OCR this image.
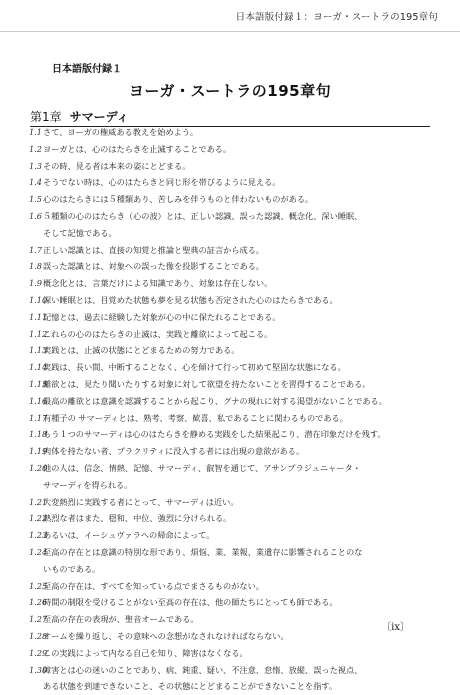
日本語版付録１：ヨーガ・スートラの195章句
日本語版付録１
ヨーガ・スートラの195章句
第1章 サマーディ
1.1 さて、ヨーガの権威ある教えを始めよう。
1.2 ヨーガとは、心のはたらきを止滅することである。
1.3 その時、見る者は本来の姿にとどまる。
1.4 そうでない時は、心のはたらきと同じ形を帯びるように見える。
1.5 心のはたらきには５種類あり、苦しみを伴うものと伴わないものがある。
1.6 ５種類の心のはたらき（心の波）とは、正しい認識、誤った認識、概念化、深い睡眠、
そして記憶である。
1.7 正しい認識とは、直接の知覚と推論と聖典の証言から成る。
1.8 誤った認識とは、対象への誤った像を投影することである。
1.9 概念化とは、言葉だけによる知識であり、対象は存在しない。
1.10
深い睡眠とは、目覚めた状態も夢を見る状態も否定された心のはたらきである。
1.11
記憶とは、過去に経験した対象が心の中に保たれることである。
1.12
これらの心のはたらきの止滅は、実践と離欲によって起こる。
1.13
実践とは、止滅の状態にとどまるための努力である。
1.14
実践は、長い間、中断することなく、心を傾けて行って初めて堅固な状態になる。
1.15
離欲とは、見たり聞いたりする対象に対して欲望を持たないことを習得することである。
1.16
最高の離欲とは意識を認識することから起こり、グナの現れに対する渇望がないことである。
1.17
有種子の サマーディとは、熟考、考察、歓喜、私であることに関わるものである。
1.18
もう１つのサマーディは心のはたらきを静める実践をした結果起こり、潜在印象だけを残す。
1.19
肉体を持たない者、プラクリティに没入する者には出現の意欲がある。
1.20
他の人は、信念、情熱、記憶、サマーディ、叡智を通じて、アサンプラジュニャータ・
サマーディを得られる。
1.21
大変熱烈に実践する者にとって、サマーディは近い。
1.22
熱烈な者はまた、穏和、中位、強烈に分けられる。
1.23
あるいは、イーシュヴァラへの帰命によって。
1.24
至高の存在とは意識の特別な形であり、煩悩、業、業報、業遺存に影響されることのな
いものである。
1.25
至高の存在は、すべてを知っている点でまさるものがない。
1.26
時間の制限を受けることがない至高の存在は、他の師たちにとっても師である。
1.27
至高の存在の表現が、聖音オームである。
1.28
オームを繰り返し、その意味への念想がなされなければならない。
1.29
この実践によって内なる自己を知り、障害はなくなる。
1.30
障害とは心の迷いのことであり、病、鈍重、疑い、不注意、怠惰、放縦、誤った視点、
ある状態を到達できないこと、その状態にとどまることができないことを指す。
〔ix〕
